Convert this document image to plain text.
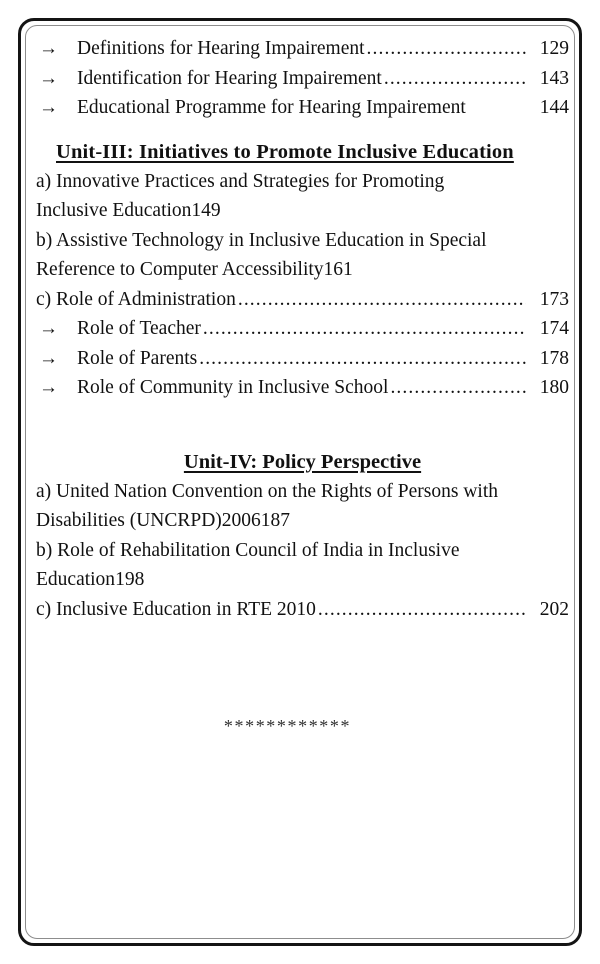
→ Definitions for Hearing Impairement .....	129
→ Identification for Hearing Impairement .....	143
→ Educational Programme for Hearing Impairement	144
Unit-III: Initiatives to Promote Inclusive Education
a) Innovative Practices and Strategies for Promoting
Inclusive Education 149
b) Assistive Technology in Inclusive Education in Special
Reference to Computer Accessibility 161
c) Role of Administration .....	173
→ Role of Teacher .....	174
→ Role of Parents .....	178
→ Role of Community in Inclusive School .....	180
Unit-IV: Policy Perspective
a) United Nation Convention on the Rights of Persons with
Disabilities (UNCRPD)2006 187
b) Role of Rehabilitation Council of India in Inclusive
Education 198
c) Inclusive Education in RTE 2010 .....	202
************
